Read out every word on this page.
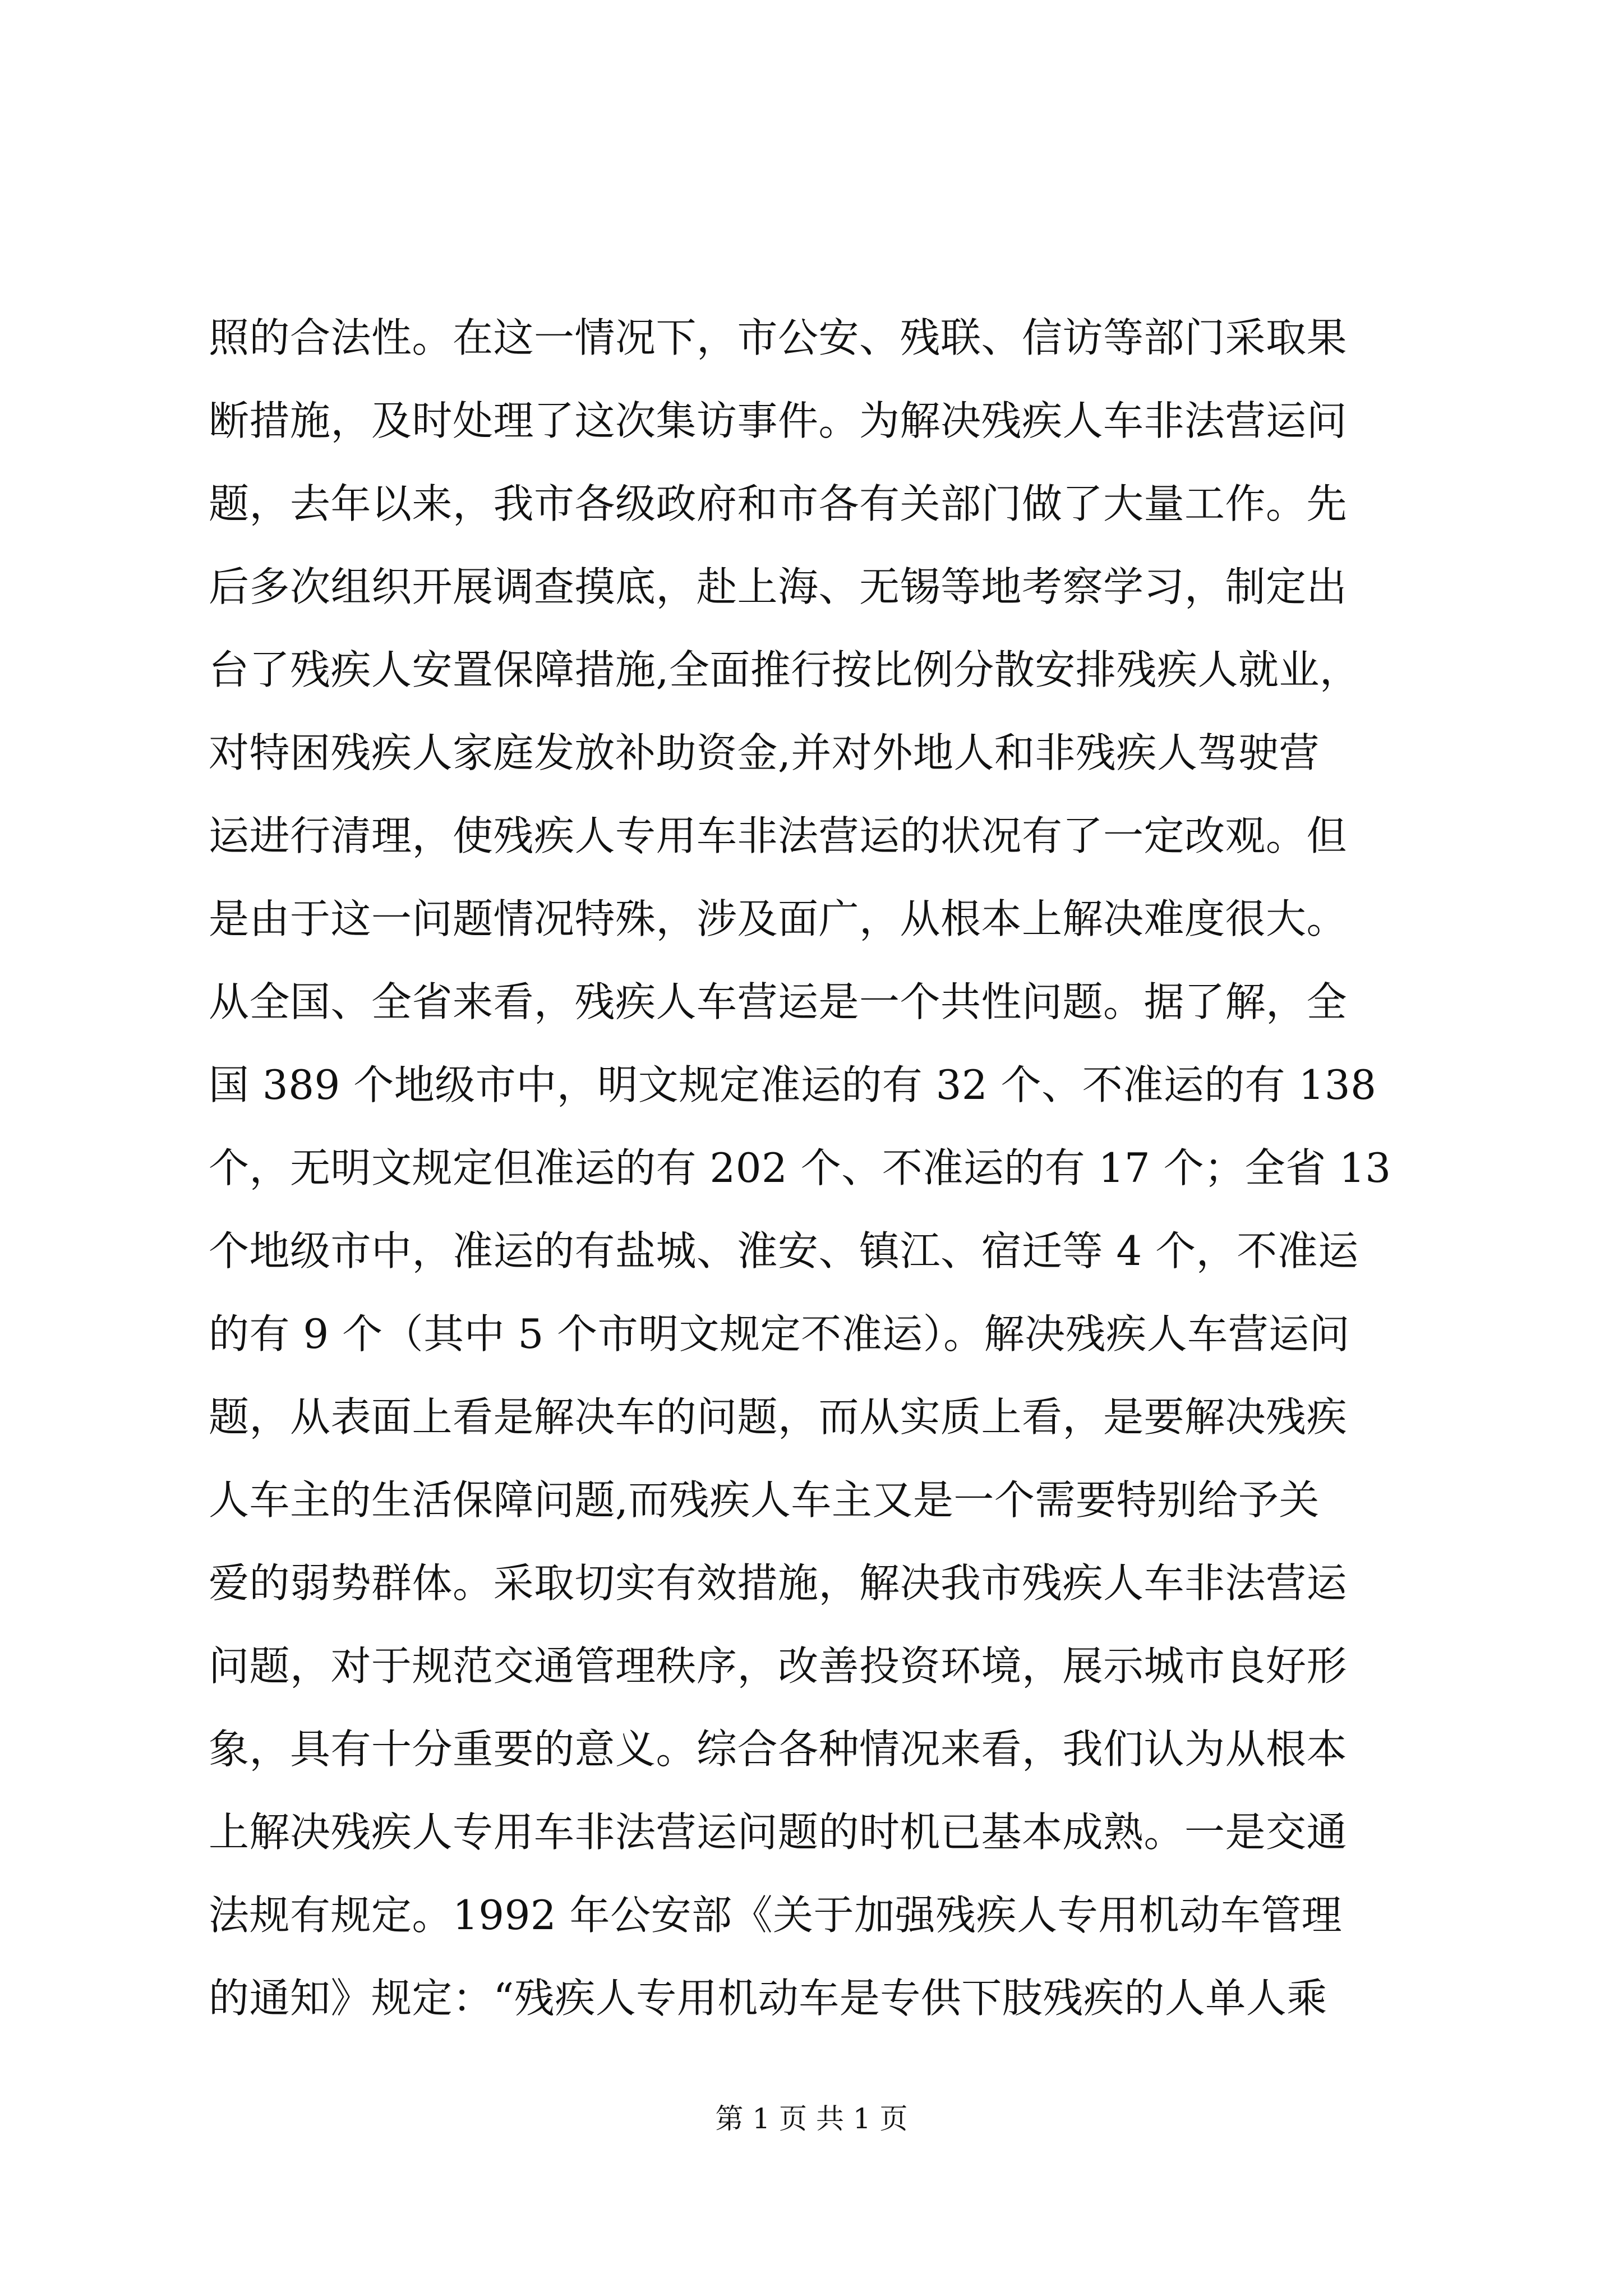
照的合法性。在这一情况下，市公安、残联、信访等部门采取果
断措施，及时处理了这次集访事件。为解决残疾人车非法营运问
题，去年以来，我市各级政府和市各有关部门做了大量工作。先
后多次组织开展调查摸底，赴上海、无锡等地考察学习，制定出
台了残疾人安置保障措施,全面推行按比例分散安排残疾人就业，
对特困残疾人家庭发放补助资金,并对外地人和非残疾人驾驶营
运进行清理，使残疾人专用车非法营运的状况有了一定改观。但
是由于这一问题情况特殊，涉及面广，从根本上解决难度很大。
从全国、全省来看，残疾人车营运是一个共性问题。据了解，全
国 389 个地级市中，明文规定准运的有 32 个、不准运的有 138
个，无明文规定但准运的有 202 个、不准运的有 17 个；全省 13
个地级市中，准运的有盐城、淮安、镇江、宿迁等 4 个，不准运
的有 9 个（其中 5 个市明文规定不准运）。解决残疾人车营运问
题，从表面上看是解决车的问题，而从实质上看，是要解决残疾
人车主的生活保障问题,而残疾人车主又是一个需要特别给予关
爱的弱势群体。采取切实有效措施，解决我市残疾人车非法营运
问题，对于规范交通管理秩序，改善投资环境，展示城市良好形
象，具有十分重要的意义。综合各种情况来看，我们认为从根本
上解决残疾人专用车非法营运问题的时机已基本成熟。一是交通
法规有规定。1992 年公安部《关于加强残疾人专用机动车管理
的通知》规定：“残疾人专用机动车是专供下肢残疾的人单人乘
第 1 页 共 1 页
